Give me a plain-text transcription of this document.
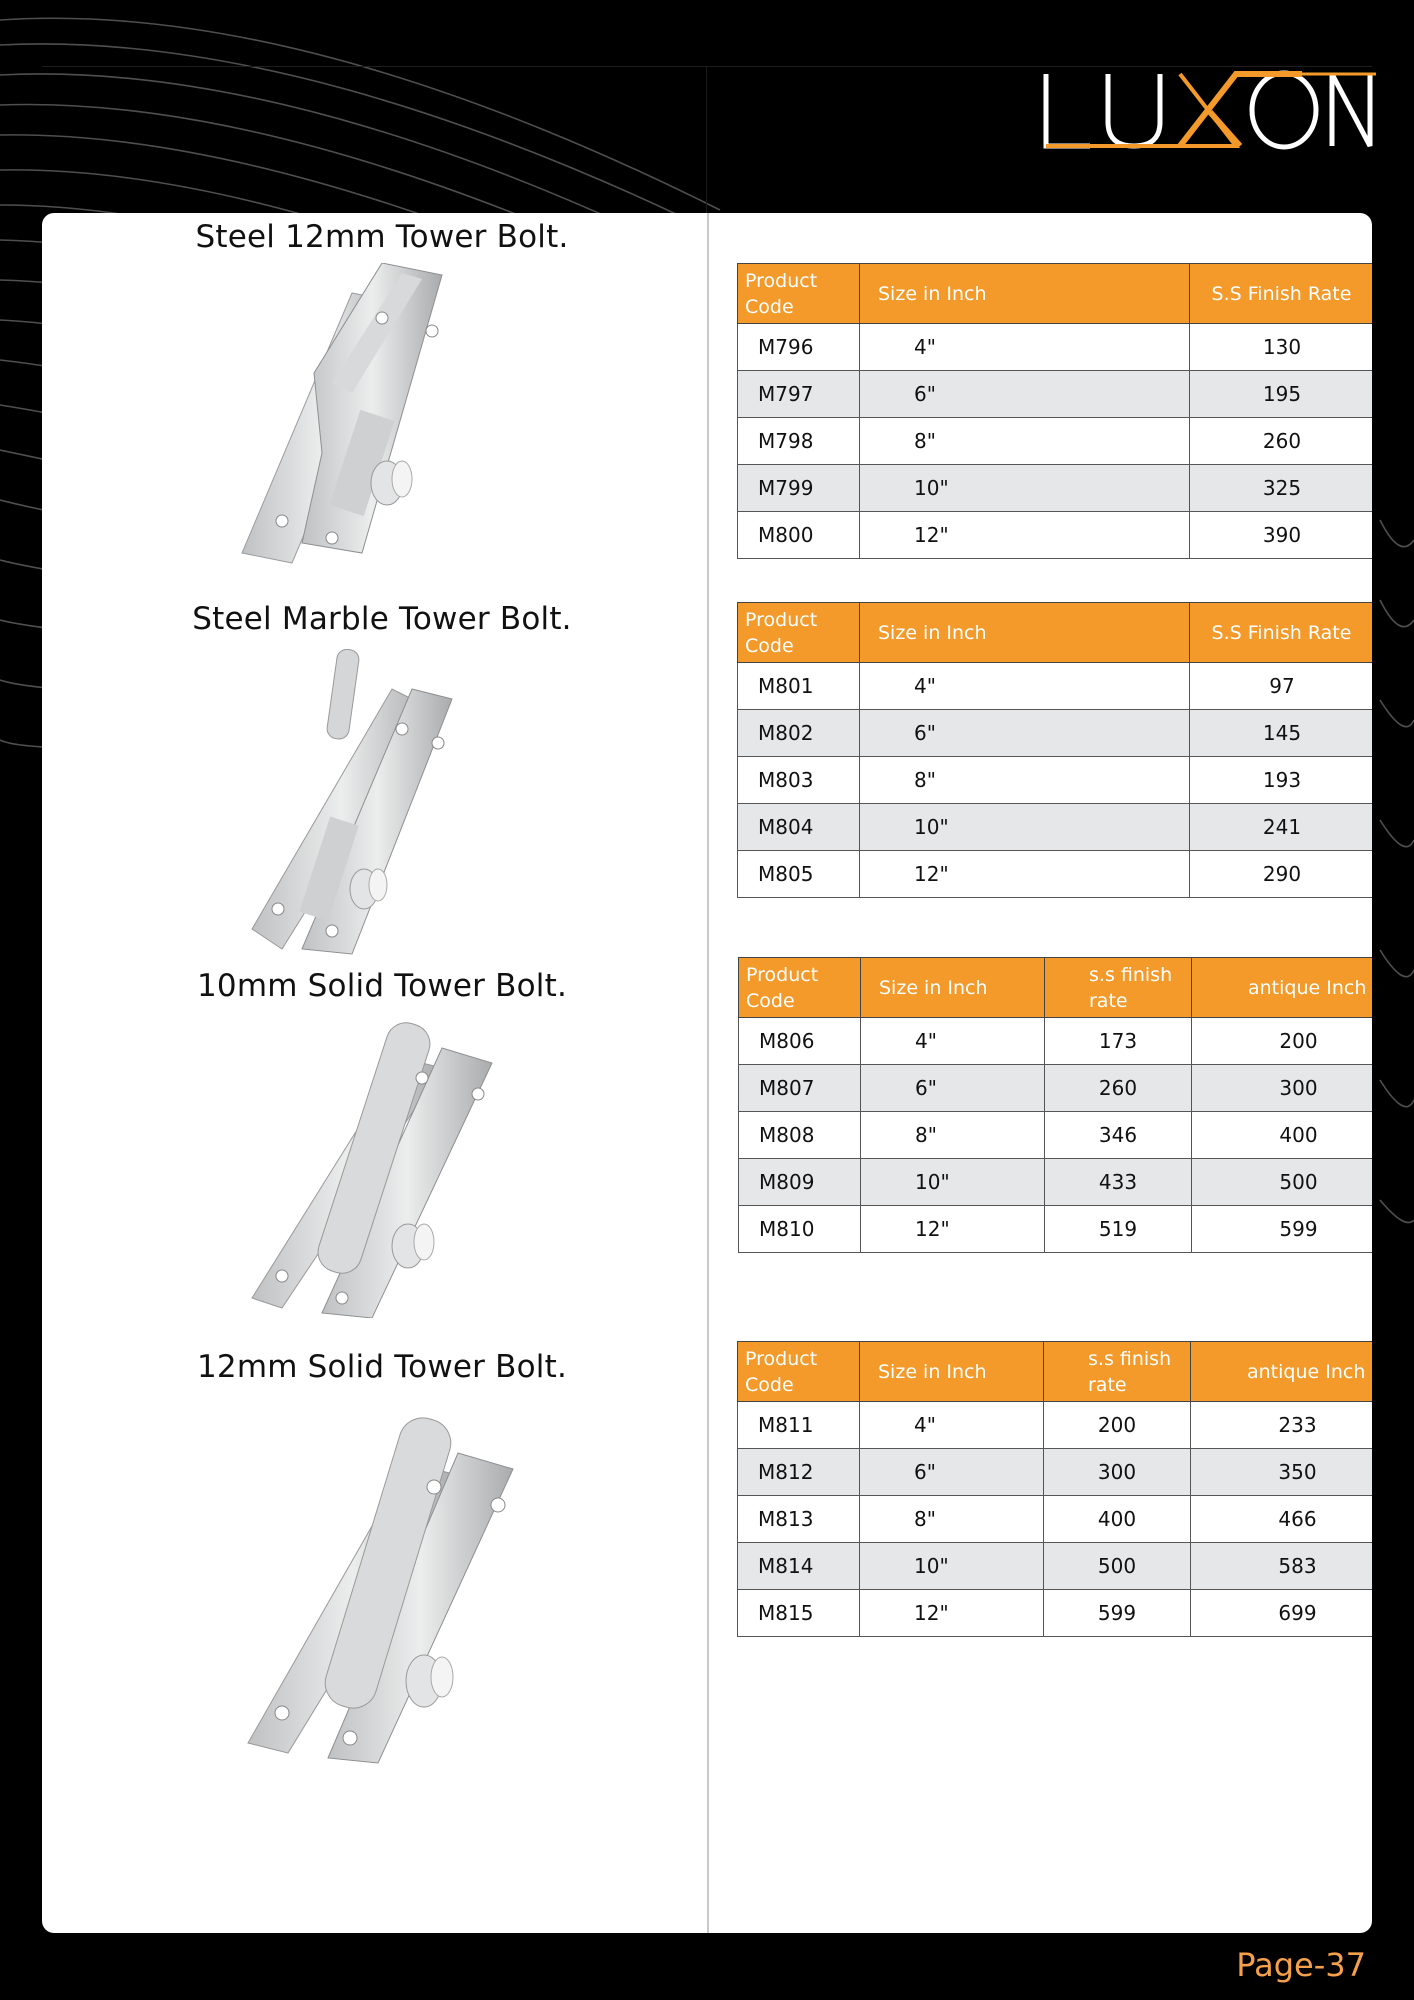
Steel 12mm Tower Bolt.
Steel Marble Tower Bolt.
10mm Solid Tower Bolt.
12mm Solid Tower Bolt.
Product Code	Size in Inch	S.S Finish Rate
M796	4"	130
M797	6"	195
M798	8"	260
M799	10"	325
M800	12"	390
Product Code	Size in Inch	S.S Finish Rate
M801	4"	97
M802	6"	145
M803	8"	193
M804	10"	241
M805	12"	290
Product Code	Size in Inch	s.s finish rate	antique Inch
M806	4"	173	200
M807	6"	260	300
M808	8"	346	400
M809	10"	433	500
M810	12"	519	599
Product Code	Size in Inch	s.s finish rate	antique Inch
M811	4"	200	233
M812	6"	300	350
M813	8"	400	466
M814	10"	500	583
M815	12"	599	699
Page-37
